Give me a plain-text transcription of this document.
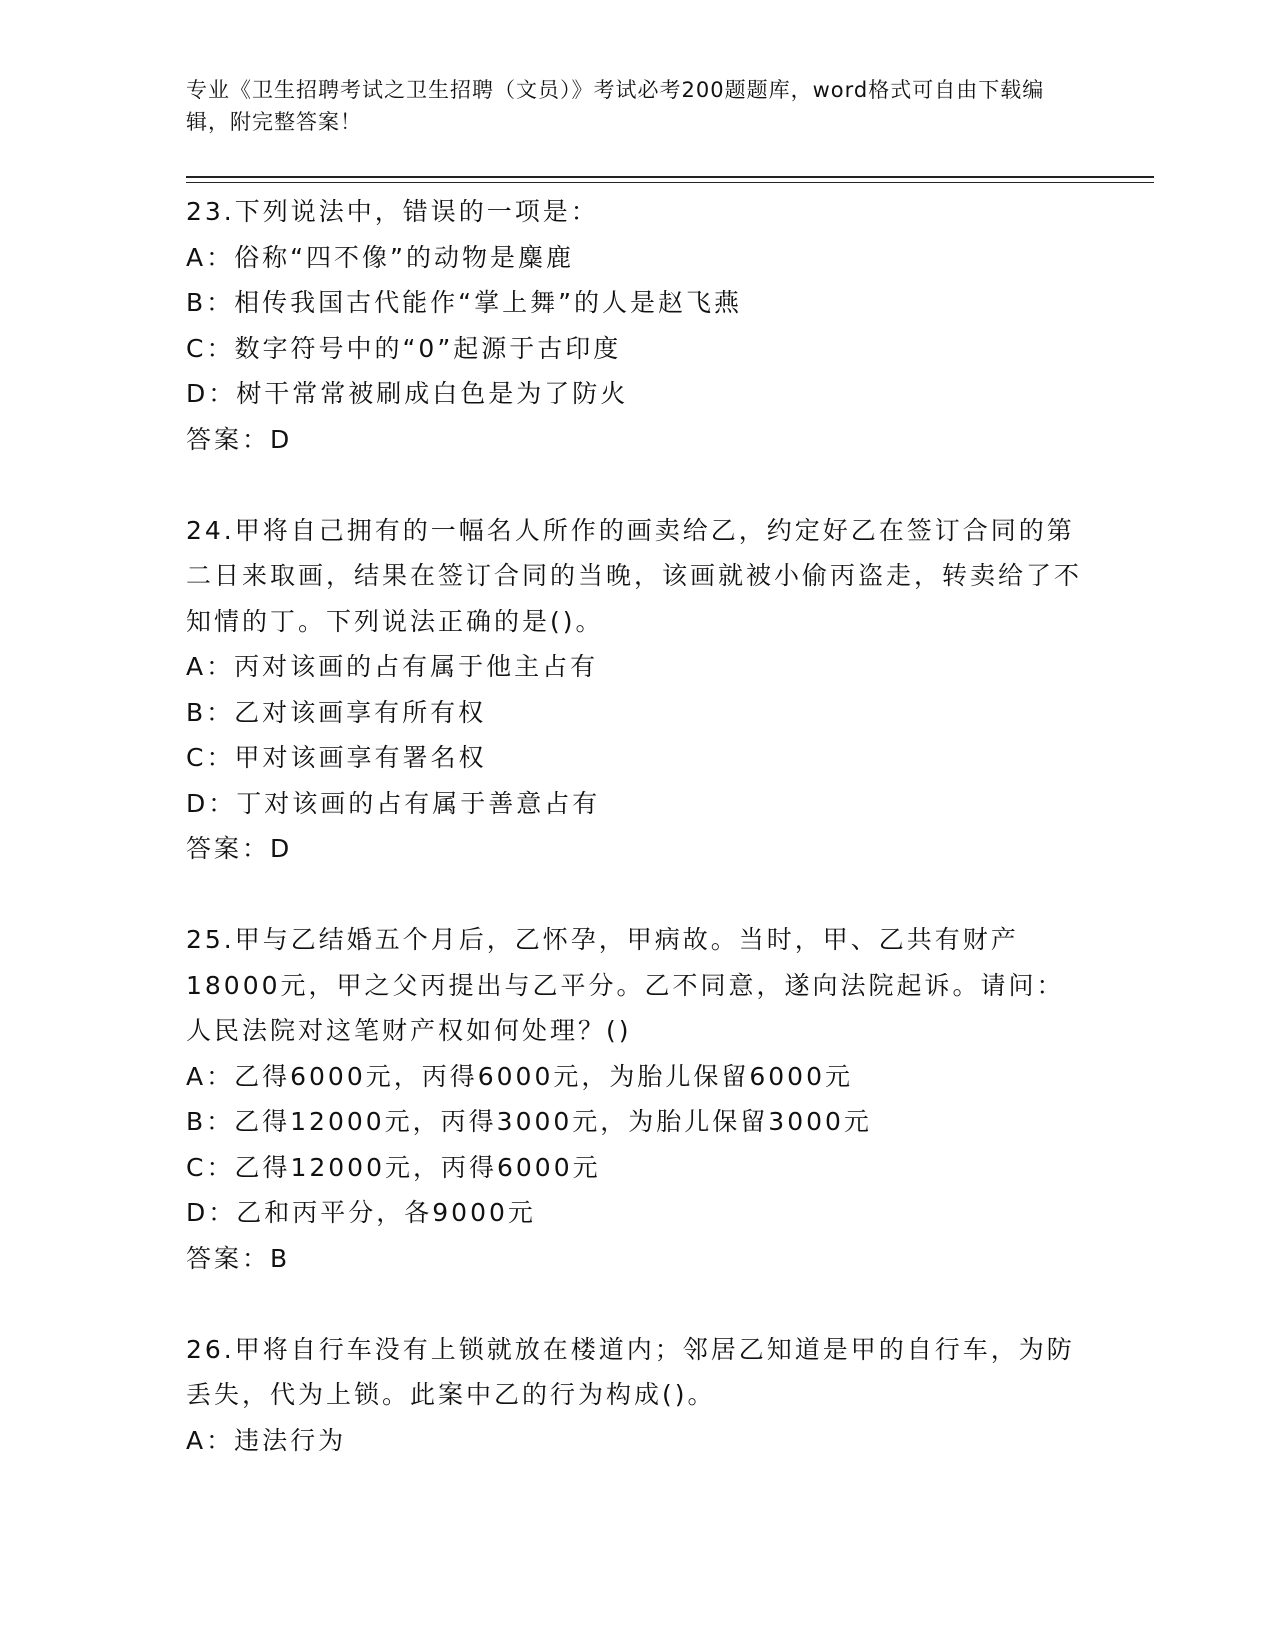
专业《卫生招聘考试之卫生招聘（文员）》考试必考200题题库，word格式可自由下载编辑，附完整答案！

23.下列说法中，错误的一项是：

A：俗称“四不像”的动物是麋鹿

B：相传我国古代能作“掌上舞”的人是赵飞燕

C：数字符号中的“0”起源于古印度

D：树干常常被刷成白色是为了防火

答案：D

24.甲将自己拥有的一幅名人所作的画卖给乙，约定好乙在签订合同的第二日来取画，结果在签订合同的当晚，该画就被小偷丙盗走，转卖给了不知情的丁。下列说法正确的是()。

A：丙对该画的占有属于他主占有

B：乙对该画享有所有权

C：甲对该画享有署名权

D：丁对该画的占有属于善意占有

答案：D

25.甲与乙结婚五个月后，乙怀孕，甲病故。当时，甲、乙共有财产18000元，甲之父丙提出与乙平分。乙不同意，遂向法院起诉。请问：人民法院对这笔财产权如何处理？()

A：乙得6000元，丙得6000元，为胎儿保留6000元

B：乙得12000元，丙得3000元，为胎儿保留3000元

C：乙得12000元，丙得6000元

D：乙和丙平分，各9000元

答案：B

26.甲将自行车没有上锁就放在楼道内；邻居乙知道是甲的自行车，为防丢失，代为上锁。此案中乙的行为构成()。

A：违法行为
